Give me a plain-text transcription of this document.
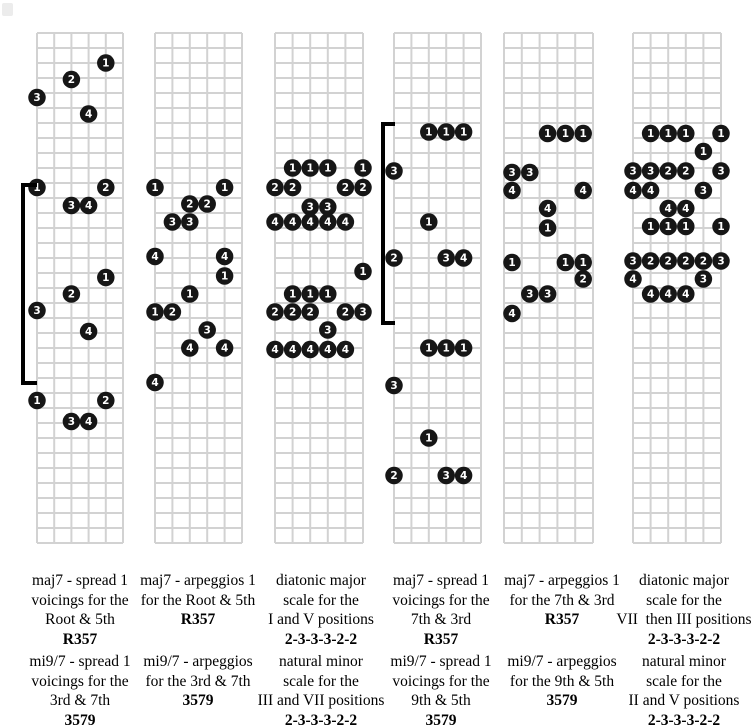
1
2
3
4
1	2
3 4
1
2
3
4
1	2
3 4
1	1
2 2
3 3
4	4
1
1
1 2
3
4	4
4
1 1 1	1
2 2	2 2
3 3
4 4 4 4 4
1
1 1 1
2 2 2	2 3
3
4 4 4 4 4
1 1 1
3
1
2	3 4
1 1 1
3
1
2	3 4
1 1 1
3 3
4	4
4
1
1	1 1
2
3 3
4
1 1 1	1
1
3 3 2 2	3
4 4	3
4 4
1 1 1	1
3 2 2 2 2 3
4	3
4 4 4
maj7 - spread 1
voicings for the
Root & 5th
R357
maj7 - arpeggios 1
for the Root & 5th
R357
diatonic major
scale for the
I and V positions
2-3-3-3-2-2
maj7 - spread 1
voicings for the
7th & 3rd
R357
maj7 - arpeggios 1
for the 7th & 3rd
R357
diatonic major
scale for the
VII  then III positions
2-3-3-3-2-2
mi9/7 - spread 1
voicings for the
3rd & 7th
3579
mi9/7 - arpeggios
for the 3rd & 7th
3579
natural minor
scale for the
III and VII positions
2-3-3-3-2-2
mi9/7 - spread 1
voicings for the
9th & 5th
3579
mi9/7 - arpeggios
for the 9th & 5th
3579
natural minor
scale for the
II and V positions
2-3-3-3-2-2
